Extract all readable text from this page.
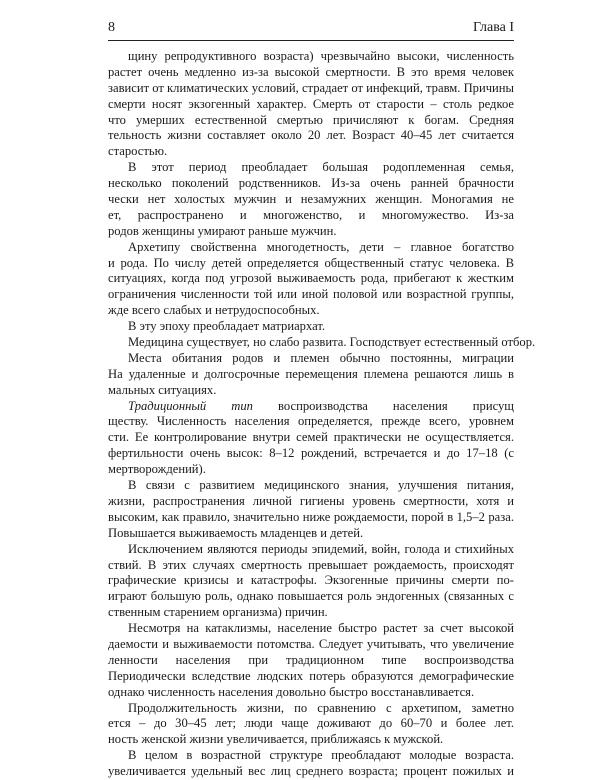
8	Глава I
щину репродуктивного возраста) чрезвычайно высоки, численность
растет очень медленно из-за высокой смертности. В это время человек
зависит от климатических условий, страдает от инфекций, травм. Причины
смерти носят экзогенный характер. Смерть от старости – столь редкое
что умерших естественной смертью причисляют к богам. Средняя
тельность жизни составляет около 20 лет. Возраст 40–45 лет считается
старостью.
В этот период преобладает большая родоплеменная семья,
несколько поколений родственников. Из-за очень ранней брачности
чески нет холостых мужчин и незамужних женщин. Моногамия не
ет, распространено и многоженство, и многомужество. Из-за
родов женщины умирают раньше мужчин.
Архетипу свойственна многодетность, дети – главное богатство
и рода. По числу детей определяется общественный статус человека. В
ситуациях, когда под угрозой выживаемость рода, прибегают к жестким
ограничения численности той или иной половой или возрастной группы,
жде всего слабых и нетрудоспособных.
В эту эпоху преобладает матриархат.
Медицина существует, но слабо развита. Господствует естественный отбор.
Места обитания родов и племен обычно постоянны, миграции
На удаленные и долгосрочные перемещения племена решаются лишь в
мальных ситуациях.
Традиционный тип воспроизводства населения присущ
ществу. Численность населения определяется, прежде всего, уровнем
сти. Ее контролирование внутри семей практически не осуществляется.
фертильности очень высок: 8–12 рождений, встречается и до 17–18 (с
мертворождений).
В связи с развитием медицинского знания, улучшения питания,
жизни, распространения личной гигиены уровень смертности, хотя и
высоким, как правило, значительно ниже рождаемости, порой в 1,5–2 раза.
Повышается выживаемость младенцев и детей.
Исключением являются периоды эпидемий, войн, голода и стихийных
ствий. В этих случаях смертность превышает рождаемость, происходят
графические кризисы и катастрофы. Экзогенные причины смерти по-
играют большую роль, однако повышается роль эндогенных (связанных с
ственным старением организма) причин.
Несмотря на катаклизмы, население быстро растет за счет высокой
даемости и выживаемости потомства. Следует учитывать, что увеличение
ленности населения при традиционном типе воспроизводства
Периодически вследствие людских потерь образуются демографические
однако численность населения довольно быстро восстанавливается.
Продолжительность жизни, по сравнению с архетипом, заметно
ется – до 30–45 лет; люди чаще доживают до 60–70 и более лет.
ность женской жизни увеличивается, приближаясь к мужской.
В целом в возрастной структуре преобладают молодые возраста.
увеличивается удельный вес лиц среднего возраста; процент пожилых и
